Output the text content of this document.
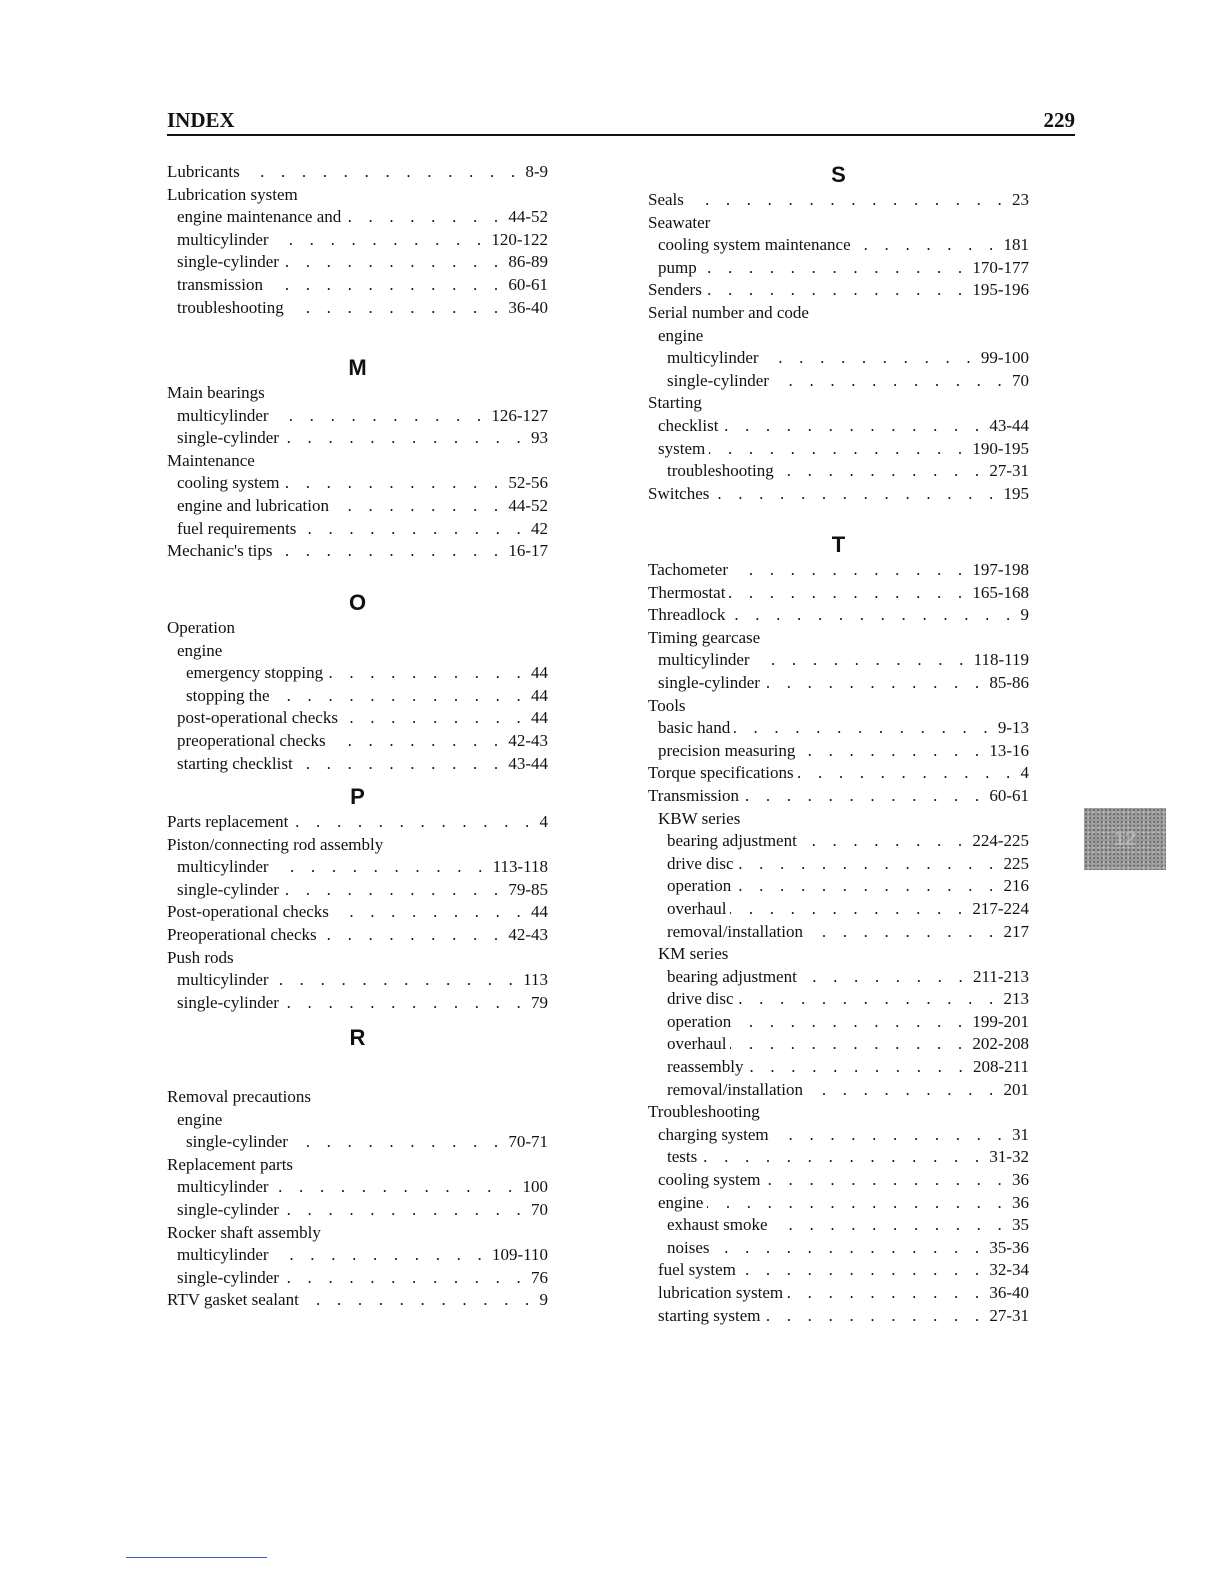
INDEX	229
Lubricants . . .	8-9
Lubrication system
engine maintenance and . . .	44-52
multicylinder . . .	120-122
single-cylinder . . .	86-89
transmission . . .	60-61
troubleshooting . . .	36-40
M
Main bearings
multicylinder . . .	126-127
single-cylinder . . .	93
Maintenance
cooling system . . .	52-56
engine and lubrication . . .	44-52
fuel requirements . . .	42
Mechanic's tips . . .	16-17
O
Operation
engine
emergency stopping . . .	44
stopping the . . .	44
post-operational checks . . .	44
preoperational checks . . .	42-43
starting checklist . . .	43-44
P
Parts replacement . . .	4
Piston/connecting rod assembly
multicylinder . . .	113-118
single-cylinder . . .	79-85
Post-operational checks . . .	44
Preoperational checks . . .	42-43
Push rods
multicylinder . . .	113
single-cylinder . . .	79
R
Removal precautions
engine
single-cylinder . . .	70-71
Replacement parts
multicylinder . . .	100
single-cylinder . . .	70
Rocker shaft assembly
multicylinder . . .	109-110
single-cylinder . . .	76
RTV gasket sealant . . .	9
S
Seals . . .	23
Seawater
cooling system maintenance . . .	181
pump . . .	170-177
Senders . . .	195-196
Serial number and code
engine
multicylinder . . .	99-100
single-cylinder . . .	70
Starting
checklist . . .	43-44
system . . .	190-195
troubleshooting . . .	27-31
Switches . . .	195
T
Tachometer . . .	197-198
Thermostat . . .	165-168
Threadlock . . .	9
Timing gearcase
multicylinder . . .	118-119
single-cylinder . . .	85-86
Tools
basic hand . . .	9-13
precision measuring . . .	13-16
Torque specifications . . .	4
Transmission . . .	60-61
KBW series
bearing adjustment . . .	224-225
drive disc . . .	225
operation . . .	216
overhaul . . .	217-224
removal/installation . . .	217
KM series
bearing adjustment . . .	211-213
drive disc . . .	213
operation . . .	199-201
overhaul . . .	202-208
reassembly . . .	208-211
removal/installation . . .	201
Troubleshooting
charging system . . .	31
tests . . .	31-32
cooling system . . .	36
engine . . .	36
exhaust smoke . . .	35
noises . . .	35-36
fuel system . . .	32-34
lubrication system . . .	36-40
starting system . . .	27-31
12
